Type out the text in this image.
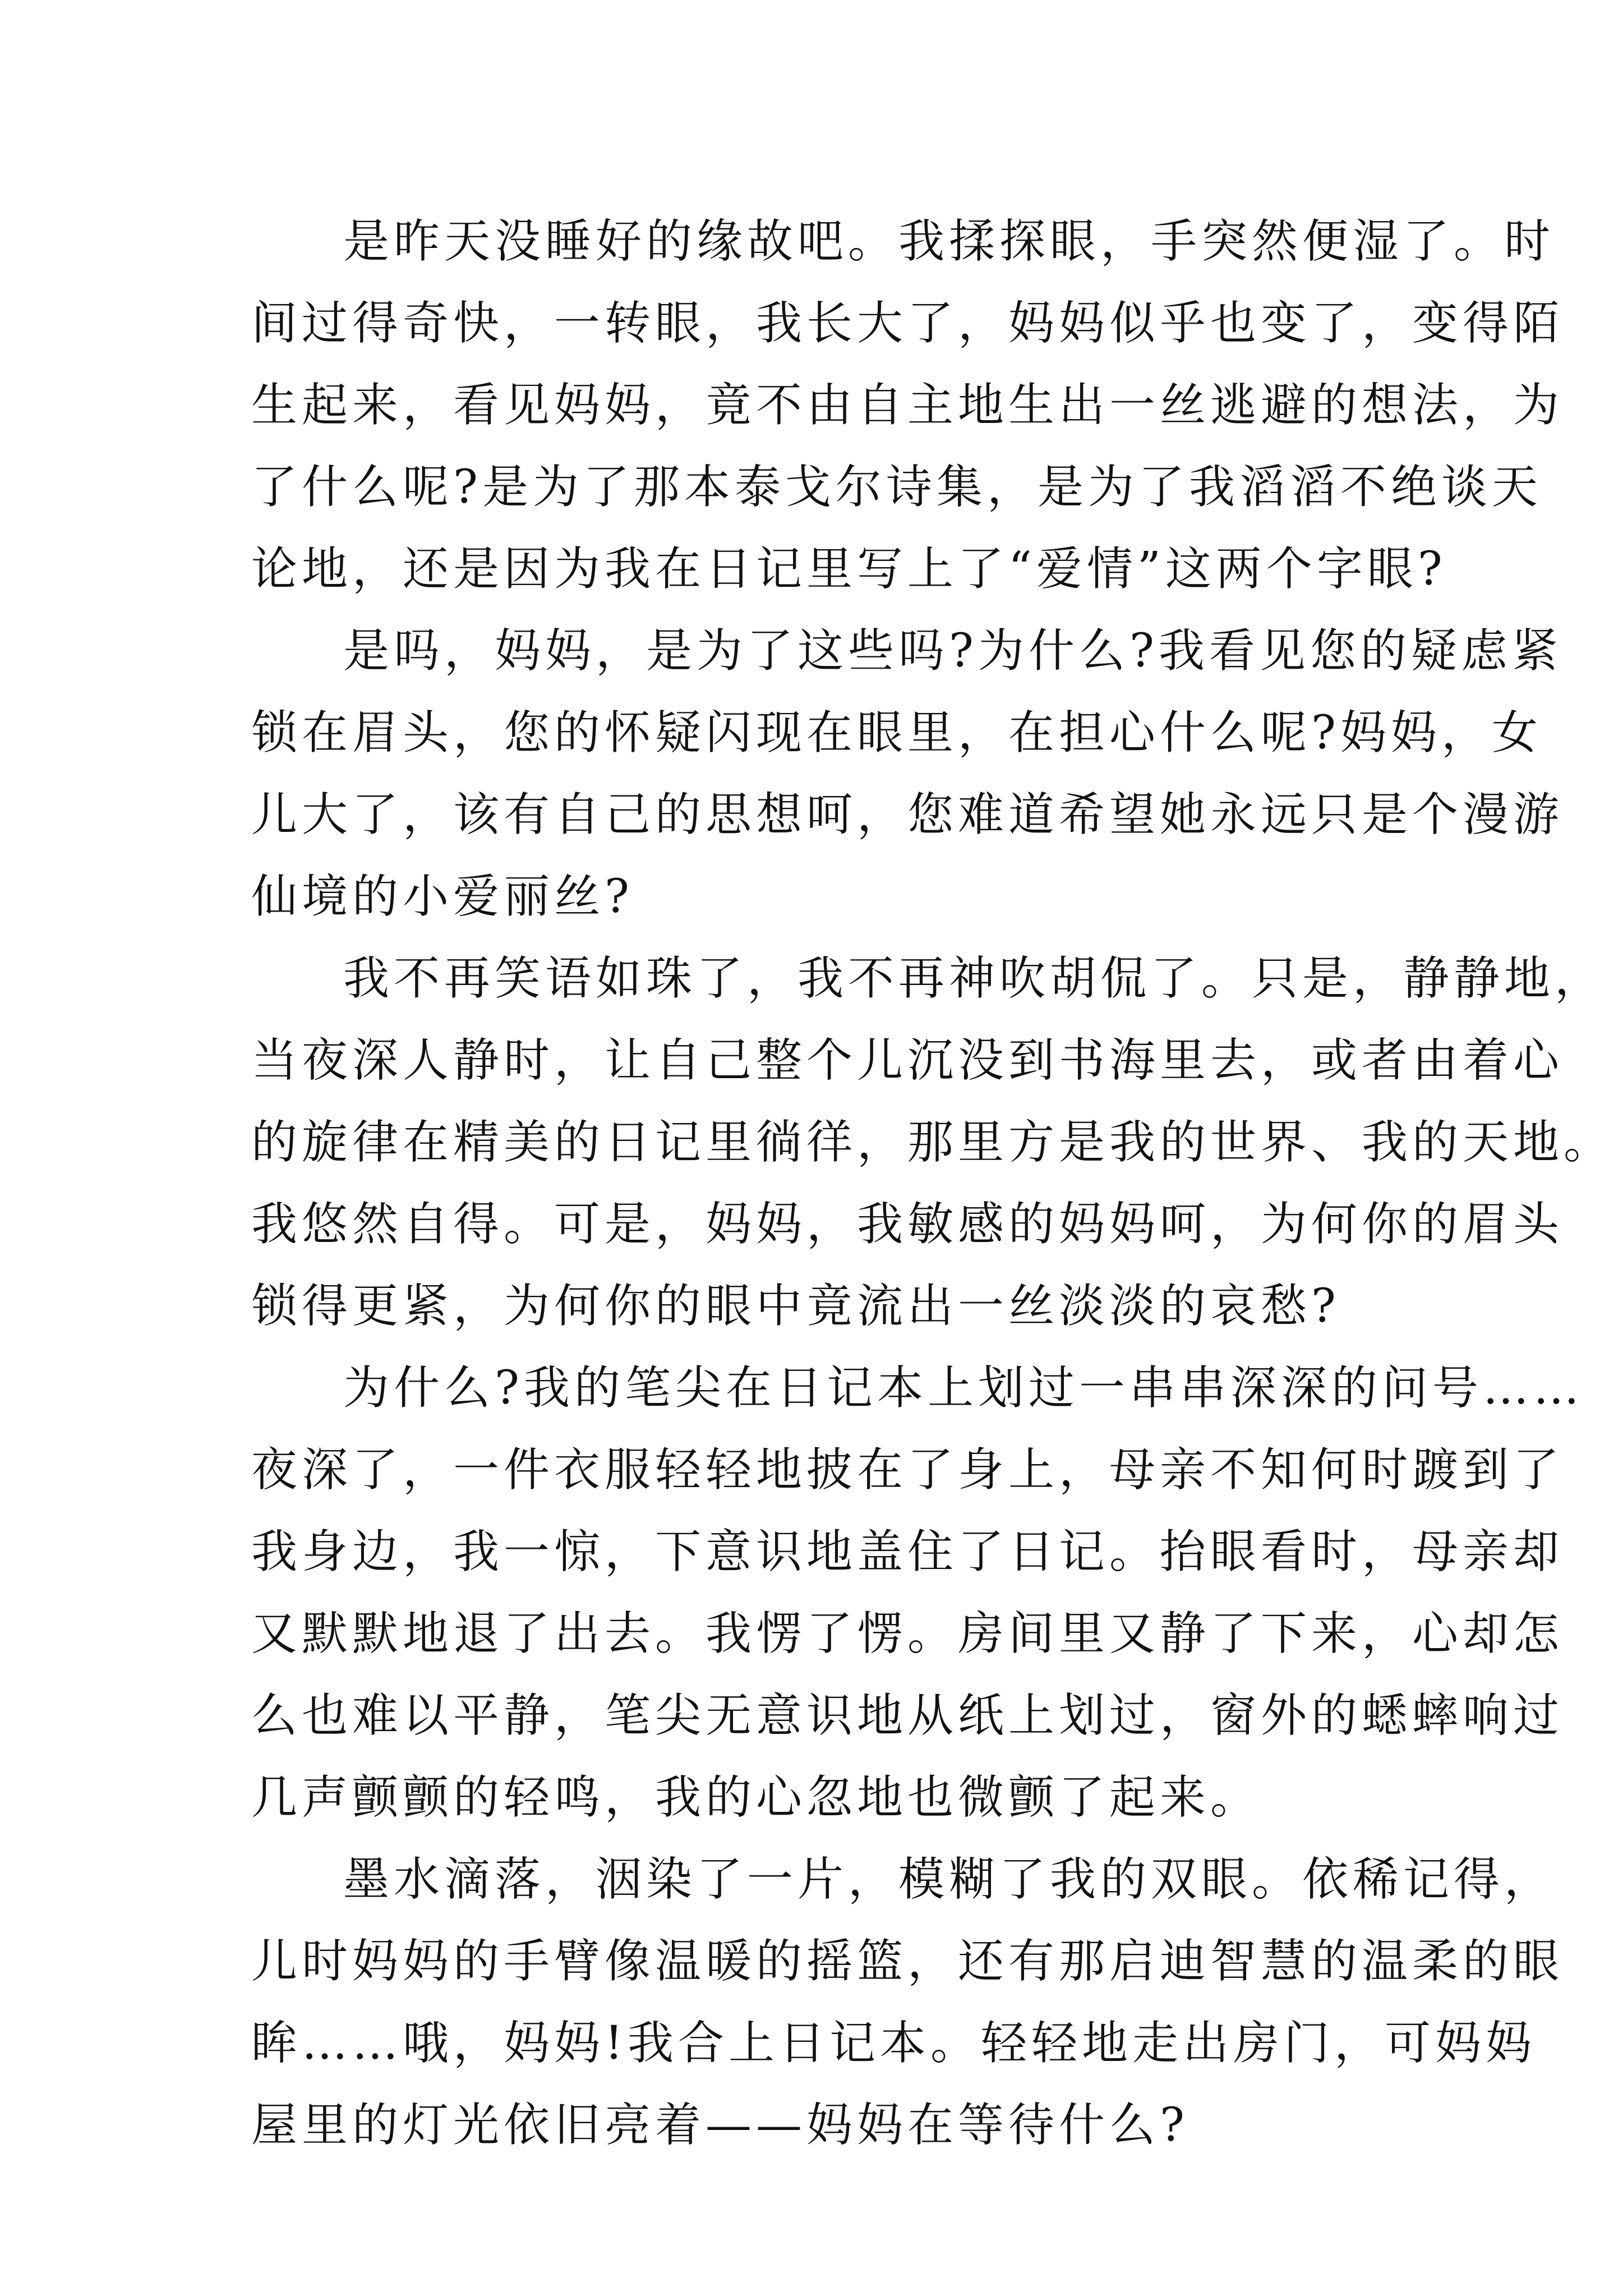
是昨天没睡好的缘故吧。我揉探眼，手突然便湿了。时
间过得奇快，一转眼，我长大了，妈妈似乎也变了，变得陌
生起来，看见妈妈，竟不由自主地生出一丝逃避的想法，为
了什么呢?是为了那本泰戈尔诗集，是为了我滔滔不绝谈天
论地，还是因为我在日记里写上了“爱情”这两个字眼?
是吗，妈妈，是为了这些吗?为什么?我看见您的疑虑紧
锁在眉头，您的怀疑闪现在眼里，在担心什么呢?妈妈，女
儿大了，该有自己的思想呵，您难道希望她永远只是个漫游
仙境的小爱丽丝?
我不再笑语如珠了，我不再神吹胡侃了。只是，静静地，
当夜深人静时，让自己整个儿沉没到书海里去，或者由着心
的旋律在精美的日记里徜徉，那里方是我的世界、我的天地。
我悠然自得。可是，妈妈，我敏感的妈妈呵，为何你的眉头
锁得更紧，为何你的眼中竟流出一丝淡淡的哀愁?
为什么?我的笔尖在日记本上划过一串串深深的问号……
夜深了，一件衣服轻轻地披在了身上，母亲不知何时踱到了
我身边，我一惊，下意识地盖住了日记。抬眼看时，母亲却
又默默地退了出去。我愣了愣。房间里又静了下来，心却怎
么也难以平静，笔尖无意识地从纸上划过，窗外的蟋蟀响过
几声颤颤的轻鸣，我的心忽地也微颤了起来。
墨水滴落，洇染了一片，模糊了我的双眼。依稀记得，
儿时妈妈的手臂像温暖的摇篮，还有那启迪智慧的温柔的眼
眸……哦，妈妈!我合上日记本。轻轻地走出房门，可妈妈
屋里的灯光依旧亮着——妈妈在等待什么?
